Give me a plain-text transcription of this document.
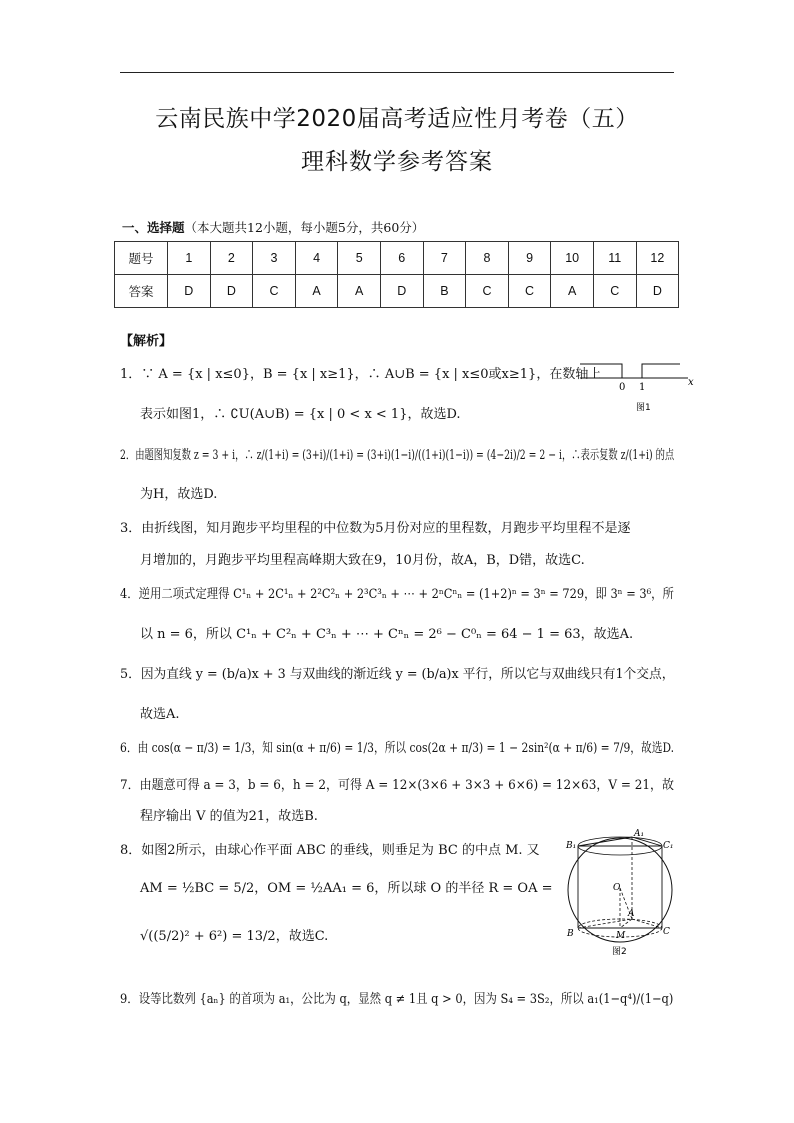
云南民族中学2020届高考适应性月考卷（五）
理科数学参考答案
一、选择题（本大题共12小题，每小题5分，共60分）
题号	1	2	3	4	5	6	7	8	9	10	11	12
答案	D	D	C	A	A	D	B	C	C	A	C	D
【解析】
1．∵ A = {x | x≤0}，B = {x | x≥1}，∴ A∪B = {x | x≤0或x≥1}，在数轴上
表示如图1，∴ ∁U(A∪B) = {x | 0 < x < 1}，故选D.
0 1	x
图1
2．由题图知复数 z = 3 + i，∴ z/(1+i) = (3+i)/(1+i) = (3+i)(1−i)/((1+i)(1−i)) = (4−2i)/2 = 2 − i，∴表示复数 z/(1+i) 的点
为H，故选D.
3．由折线图，知月跑步平均里程的中位数为5月份对应的里程数，月跑步平均里程不是逐
月增加的，月跑步平均里程高峰期大致在9，10月份，故A，B，D错，故选C.
4．逆用二项式定理得 C¹ₙ + 2C¹ₙ + 2²C²ₙ + 2³C³ₙ + ⋯ + 2ⁿCⁿₙ = (1+2)ⁿ = 3ⁿ = 729，即 3ⁿ = 3⁶，所
以 n = 6，所以 C¹ₙ + C²ₙ + C³ₙ + ⋯ + Cⁿₙ = 2⁶ − C⁰ₙ = 64 − 1 = 63，故选A.
5．因为直线 y = (b/a)x + 3 与双曲线的渐近线 y = (b/a)x 平行，所以它与双曲线只有1个交点，
故选A.
6．由 cos(α − π/3) = 1/3，知 sin(α + π/6) = 1/3，所以 cos(2α + π/3) = 1 − 2sin²(α + π/6) = 7/9，故选D.
7．由题意可得 a = 3，b = 6，h = 2，可得 A = 12×(3×6 + 3×3 + 6×6) = 12×63，V = 21，故
程序输出 V 的值为21，故选B.
8．如图2所示，由球心作平面 ABC 的垂线，则垂足为 BC 的中点 M. 又
AM = ½BC = 5/2，OM = ½AA₁ = 6，所以球 O 的半径 R = OA =
√((5/2)² + 6²) = 13/2，故选C.
A₁
B₁	C₁
O
A
B	M	C
图2
9．设等比数列 {aₙ} 的首项为 a₁，公比为 q，显然 q ≠ 1且 q > 0，因为 S₄ = 3S₂，所以 a₁(1−q⁴)/(1−q)
